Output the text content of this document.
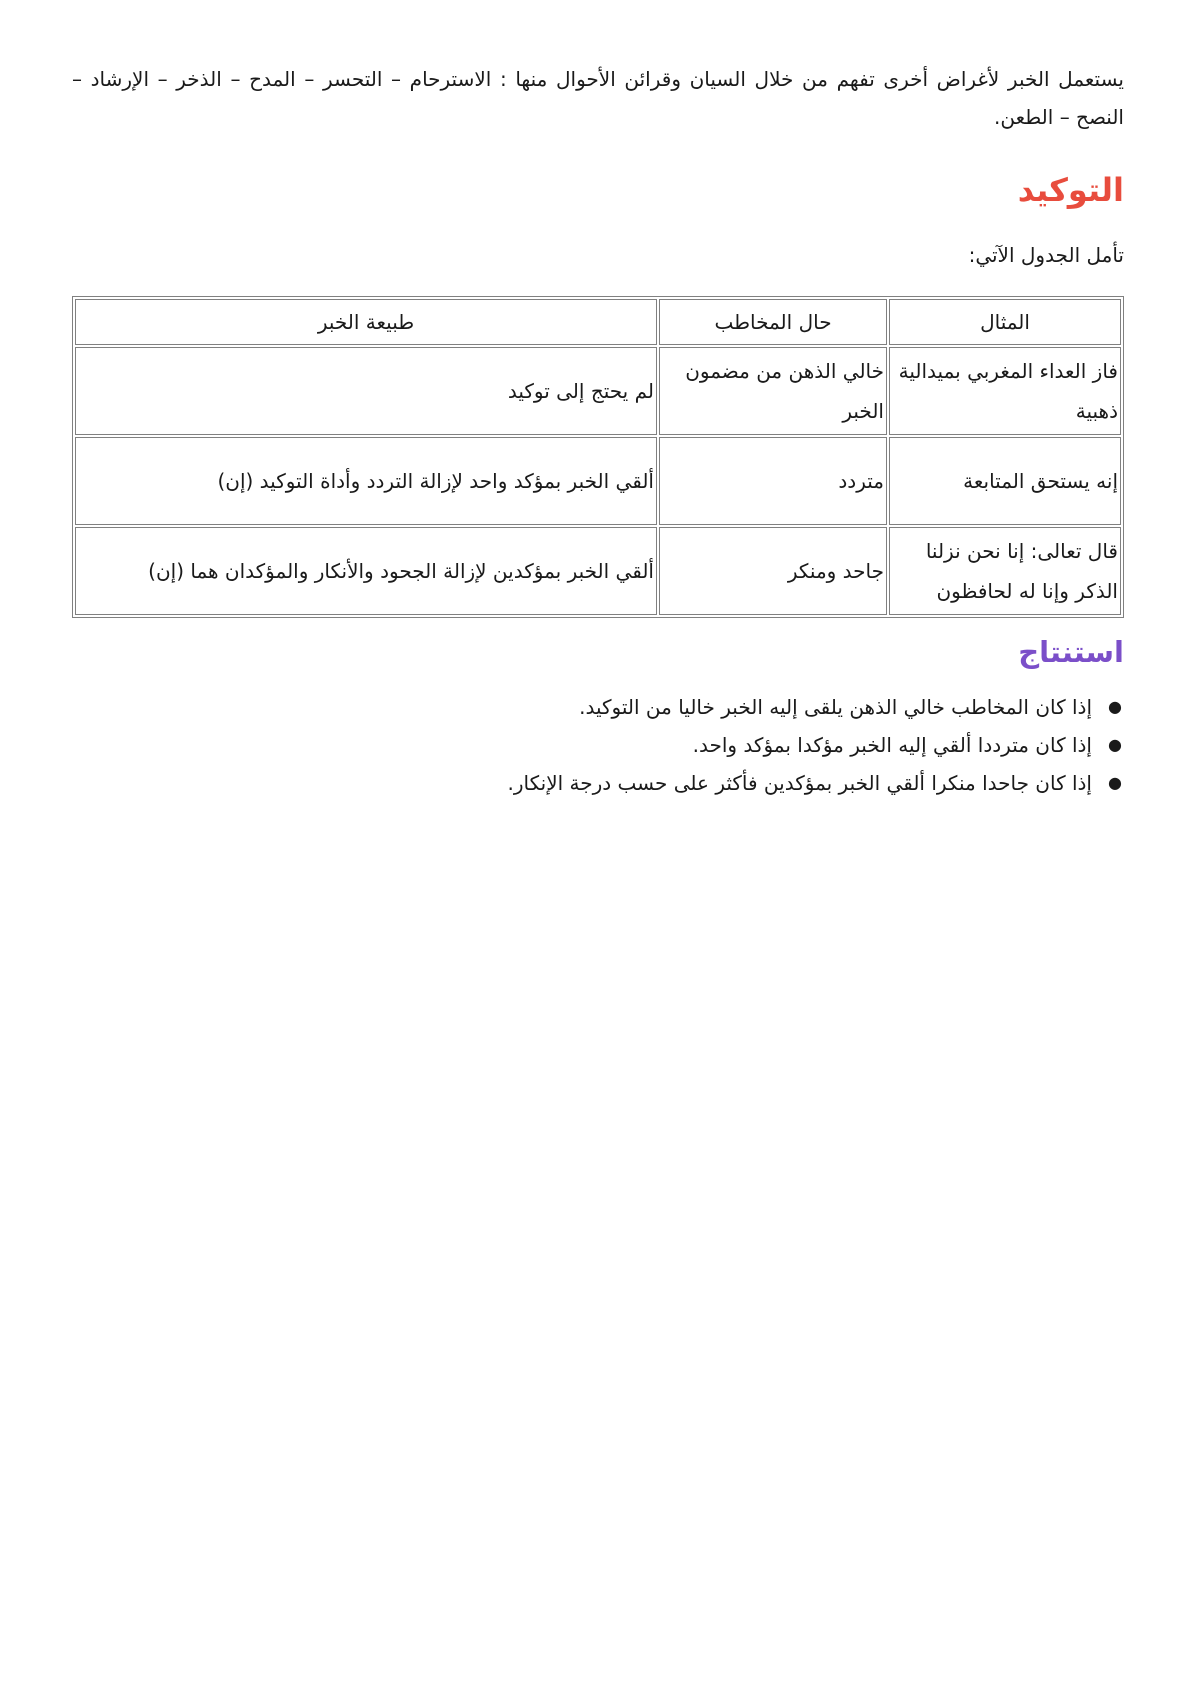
يستعمل الخبر لأغراض أخرى تفهم من خلال السيان وقرائن الأحوال منها : الاسترحام – التحسر – المدح – الذخر – الإرشاد – النصح – الطعن.

التوكيد

تأمل الجدول الآتي:

المثال	حال المخاطب	طبيعة الخبر
فاز العداء المغربي بميدالية ذهبية	خالي الذهن من مضمون الخبر	لم يحتج إلى توكيد
إنه يستحق المتابعة	متردد	ألقي الخبر بمؤكد واحد لإزالة التردد وأداة التوكيد (إن)
قال تعالى: إنا نحن نزلنا الذكر وإنا له لحافظون	جاحد ومنكر	ألقي الخبر بمؤكدين لإزالة الجحود والأنكار والمؤكدان هما (إن)
استنتاج
●
إذا كان المخاطب خالي الذهن يلقى إليه الخبر خاليا من التوكيد.
●
إذا كان مترددا ألقي إليه الخبر مؤكدا بمؤكد واحد.
●
إذا كان جاحدا منكرا ألقي الخبر بمؤكدين فأكثر على حسب درجة الإنكار.
